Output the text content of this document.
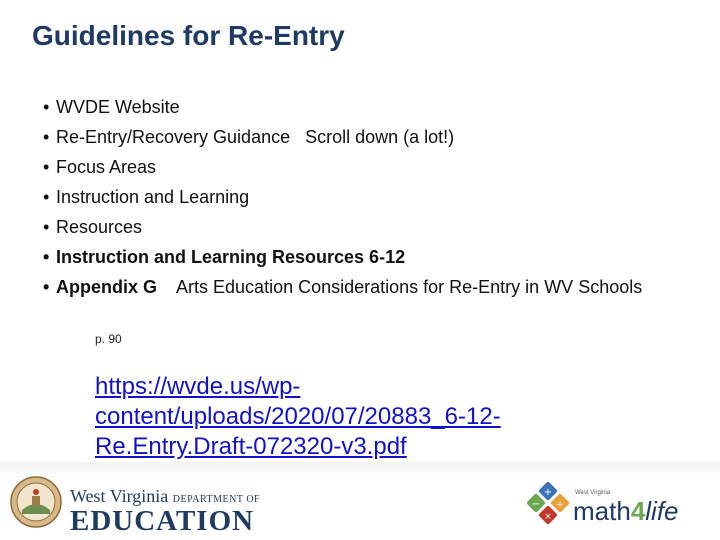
Guidelines for Re-Entry
• WVDE Website
• Re-Entry/Recovery Guidance   Scroll down (a lot!)
• Focus Areas
• Instruction and Learning
• Resources
• Instruction and Learning Resources 6-12
• Appendix G    Arts Education Considerations for Re-Entry in WV Schools
p. 90
https://wvde.us/wp-content/uploads/2020/07/20883_6-12-Re.Entry.Draft-072320-v3.pdf
West Virginia DEPARTMENT OF
EDUCATION
+
− ÷
×
West Virginia
math4life
